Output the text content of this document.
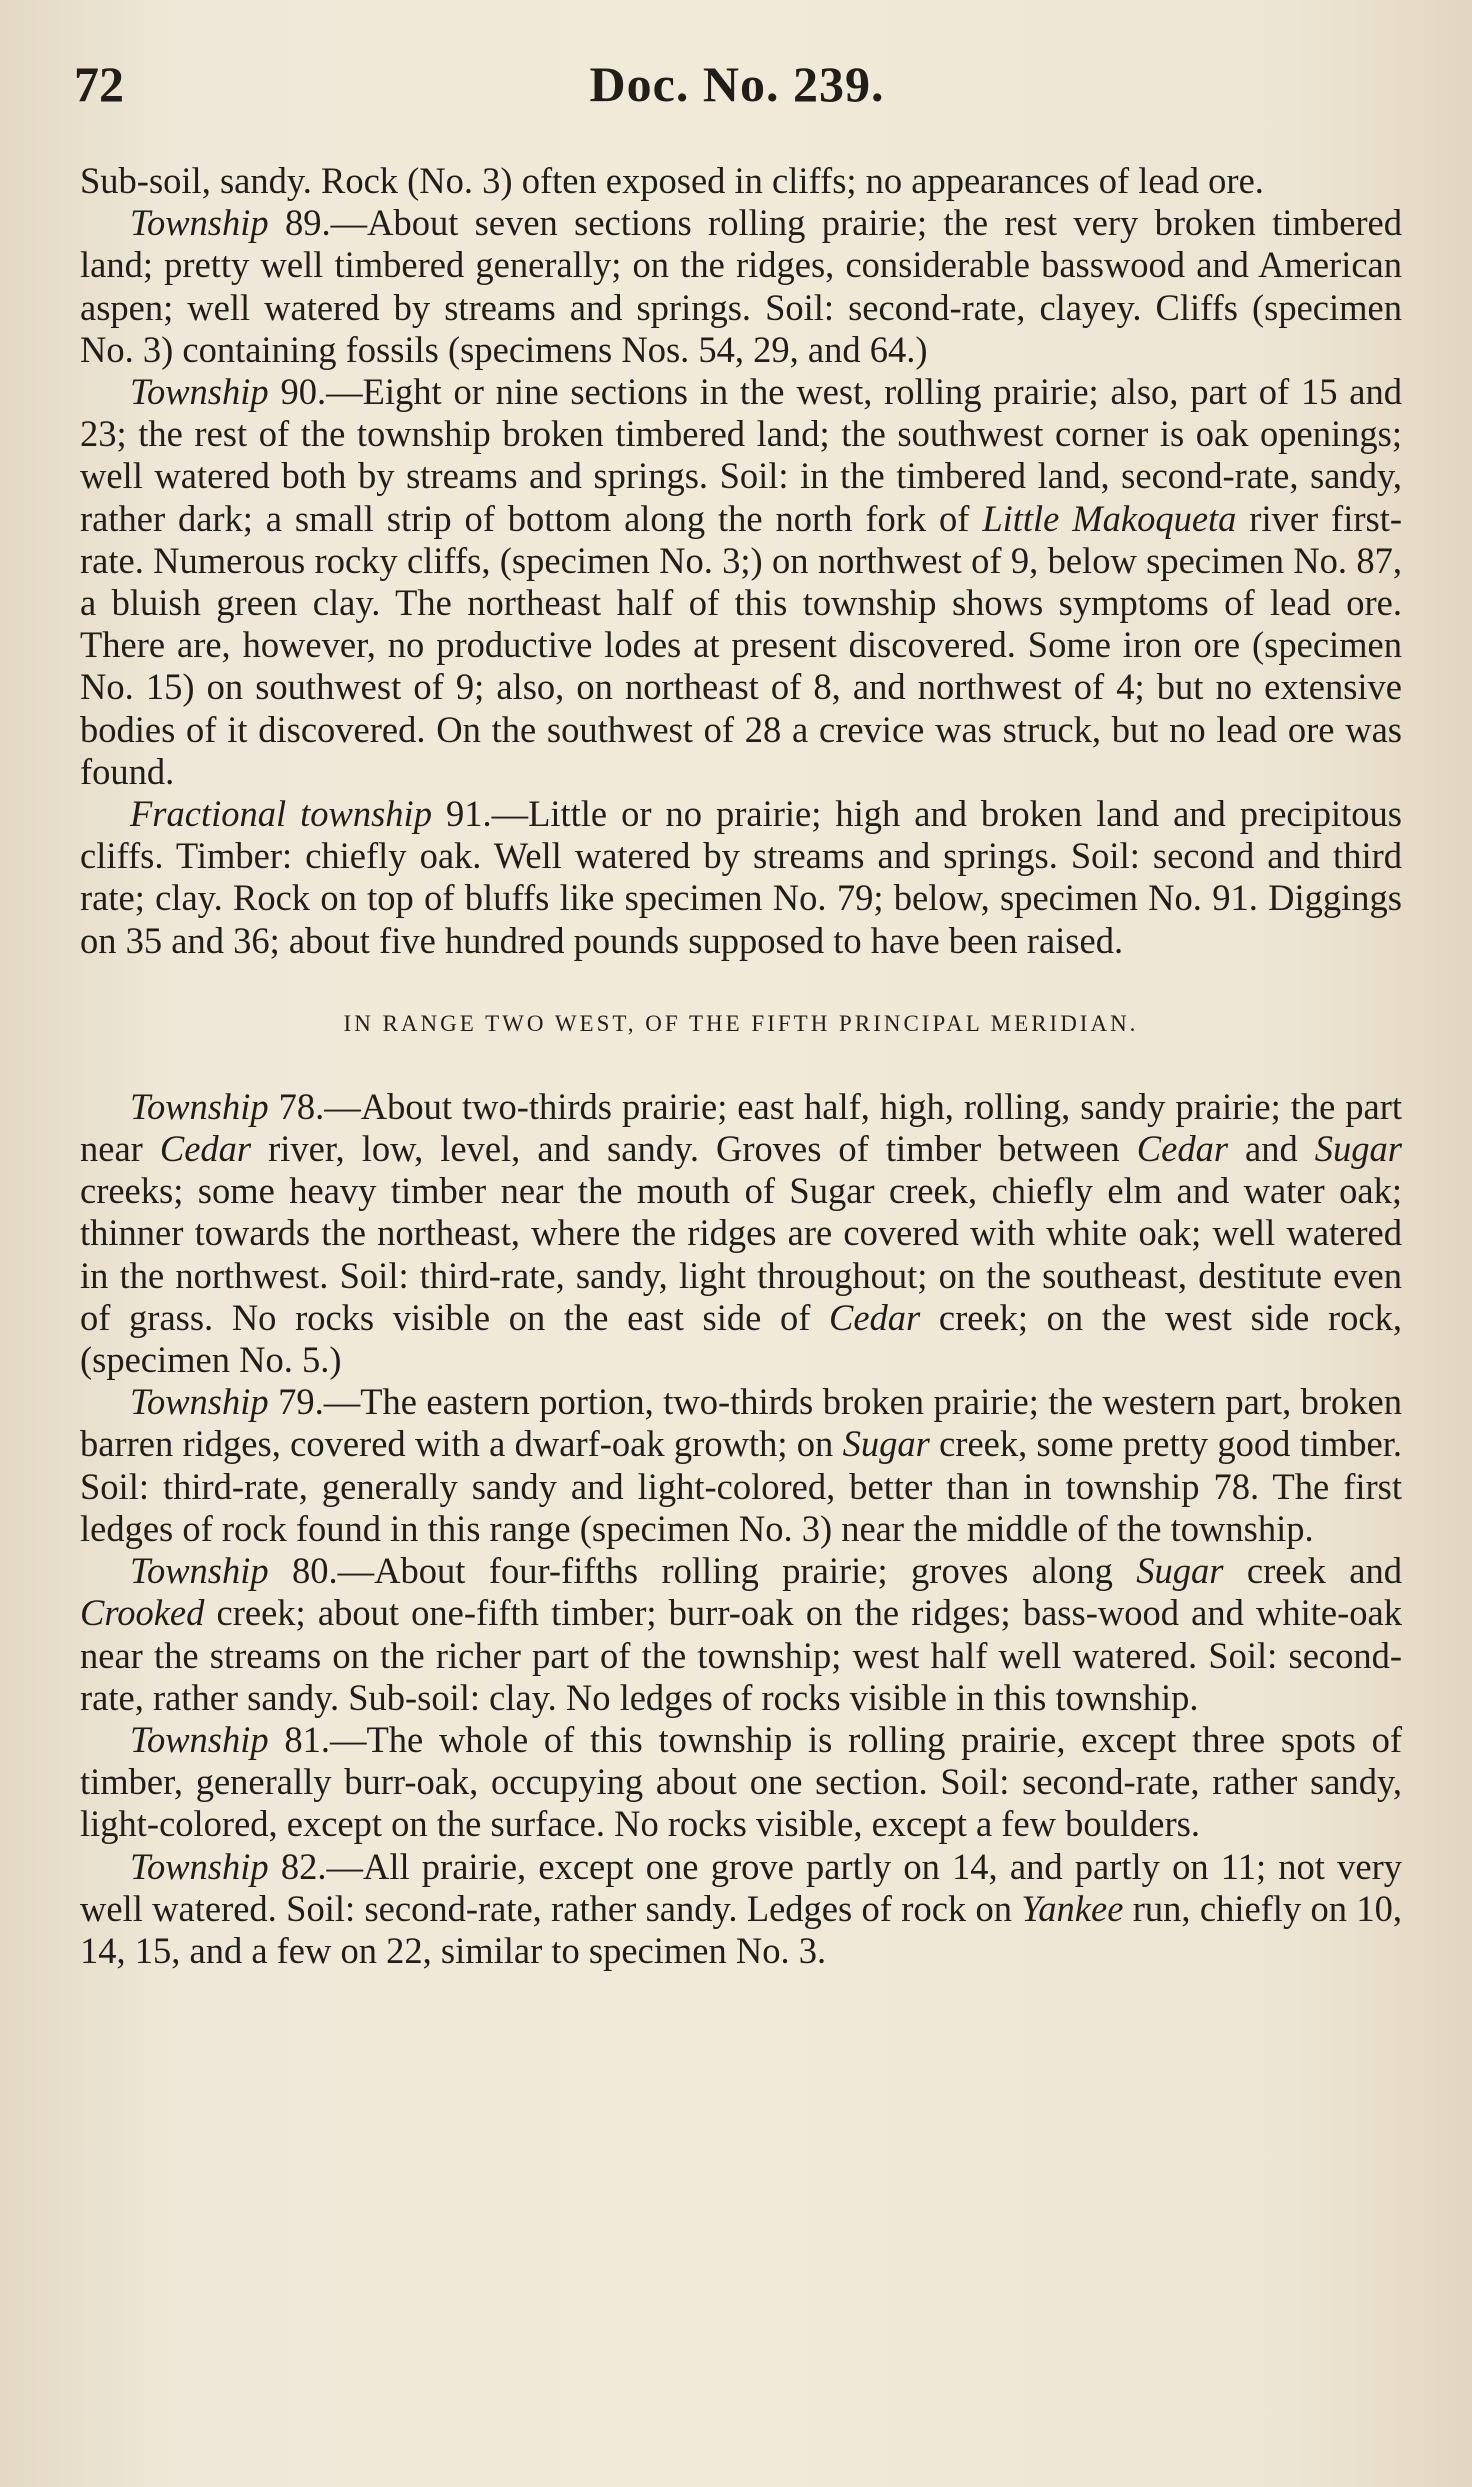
72	Doc. No. 239.

Sub-soil, sandy. Rock (No. 3) often exposed in cliffs; no appearances of lead ore.

Township 89.—About seven sections rolling prairie; the rest very broken timbered land; pretty well timbered generally; on the ridges, considerable basswood and American aspen; well watered by streams and springs. Soil: second-rate, clayey. Cliffs (specimen No. 3) containing fossils (specimens Nos. 54, 29, and 64.)

Township 90.—Eight or nine sections in the west, rolling prairie; also, part of 15 and 23; the rest of the township broken timbered land; the southwest corner is oak openings; well watered both by streams and springs. Soil: in the timbered land, second-rate, sandy, rather dark; a small strip of bottom along the north fork of Little Makoqueta river first-rate. Numerous rocky cliffs, (specimen No. 3;) on northwest of 9, below specimen No. 87, a bluish green clay. The northeast half of this township shows symptoms of lead ore. There are, however, no productive lodes at present discovered. Some iron ore (specimen No. 15) on southwest of 9; also, on northeast of 8, and northwest of 4; but no extensive bodies of it discovered. On the southwest of 28 a crevice was struck, but no lead ore was found.

Fractional township 91.—Little or no prairie; high and broken land and precipitous cliffs. Timber: chiefly oak. Well watered by streams and springs. Soil: second and third rate; clay. Rock on top of bluffs like specimen No. 79; below, specimen No. 91. Diggings on 35 and 36; about five hundred pounds supposed to have been raised.

IN RANGE TWO WEST, OF THE FIFTH PRINCIPAL MERIDIAN.

Township 78.—About two-thirds prairie; east half, high, rolling, sandy prairie; the part near Cedar river, low, level, and sandy. Groves of timber between Cedar and Sugar creeks; some heavy timber near the mouth of Sugar creek, chiefly elm and water oak; thinner towards the northeast, where the ridges are covered with white oak; well watered in the northwest. Soil: third-rate, sandy, light throughout; on the southeast, destitute even of grass. No rocks visible on the east side of Cedar creek; on the west side rock, (specimen No. 5.)

Township 79.—The eastern portion, two-thirds broken prairie; the western part, broken barren ridges, covered with a dwarf-oak growth; on Sugar creek, some pretty good timber. Soil: third-rate, generally sandy and light-colored, better than in township 78. The first ledges of rock found in this range (specimen No. 3) near the middle of the township.

Township 80.—About four-fifths rolling prairie; groves along Sugar creek and Crooked creek; about one-fifth timber; burr-oak on the ridges; bass-wood and white-oak near the streams on the richer part of the township; west half well watered. Soil: second-rate, rather sandy. Sub-soil: clay. No ledges of rocks visible in this township.

Township 81.—The whole of this township is rolling prairie, except three spots of timber, generally burr-oak, occupying about one section. Soil: second-rate, rather sandy, light-colored, except on the surface. No rocks visible, except a few boulders.

Township 82.—All prairie, except one grove partly on 14, and partly on 11; not very well watered. Soil: second-rate, rather sandy. Ledges of rock on Yankee run, chiefly on 10, 14, 15, and a few on 22, similar to specimen No. 3.
